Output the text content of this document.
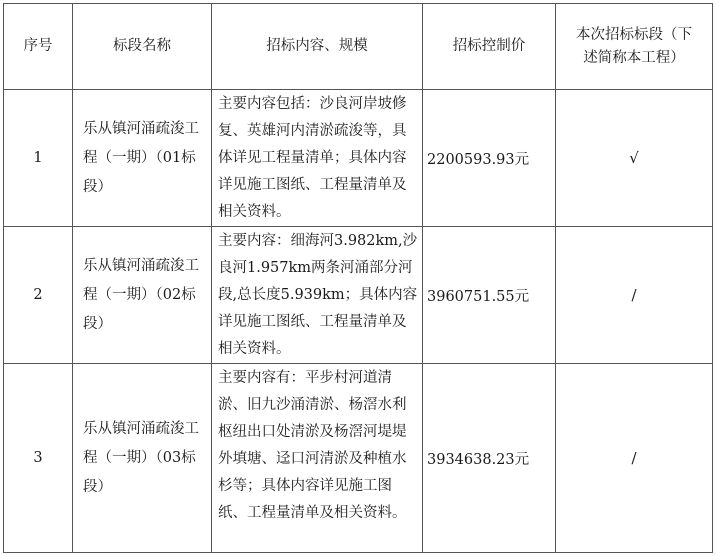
序号	标段名称	招标内容、规模	招标控制价	本次招标标段（下述简称本工程）
1	乐从镇河涌疏浚工程（一期）（01标段）	主要内容包括：沙良河岸坡修复、英雄河内清淤疏浚等，具体详见工程量清单；具体内容详见施工图纸、工程量清单及相关资料。	2200593.93元	√
2	乐从镇河涌疏浚工程（一期）（02标段）	主要内容：细海河3.982km,沙良河1.957km两条河涌部分河段,总长度5.939km；具体内容详见施工图纸、工程量清单及相关资料。	3960751.55元	/
3	乐从镇河涌疏浚工程（一期）（03标段）	主要内容有：平步村河道清淤、旧九沙涌清淤、杨滘水利枢纽出口处清淤及杨滘河堤堤外填塘、迳口河清淤及种植水杉等；具体内容详见施工图纸、工程量清单及相关资料。	3934638.23元	/
